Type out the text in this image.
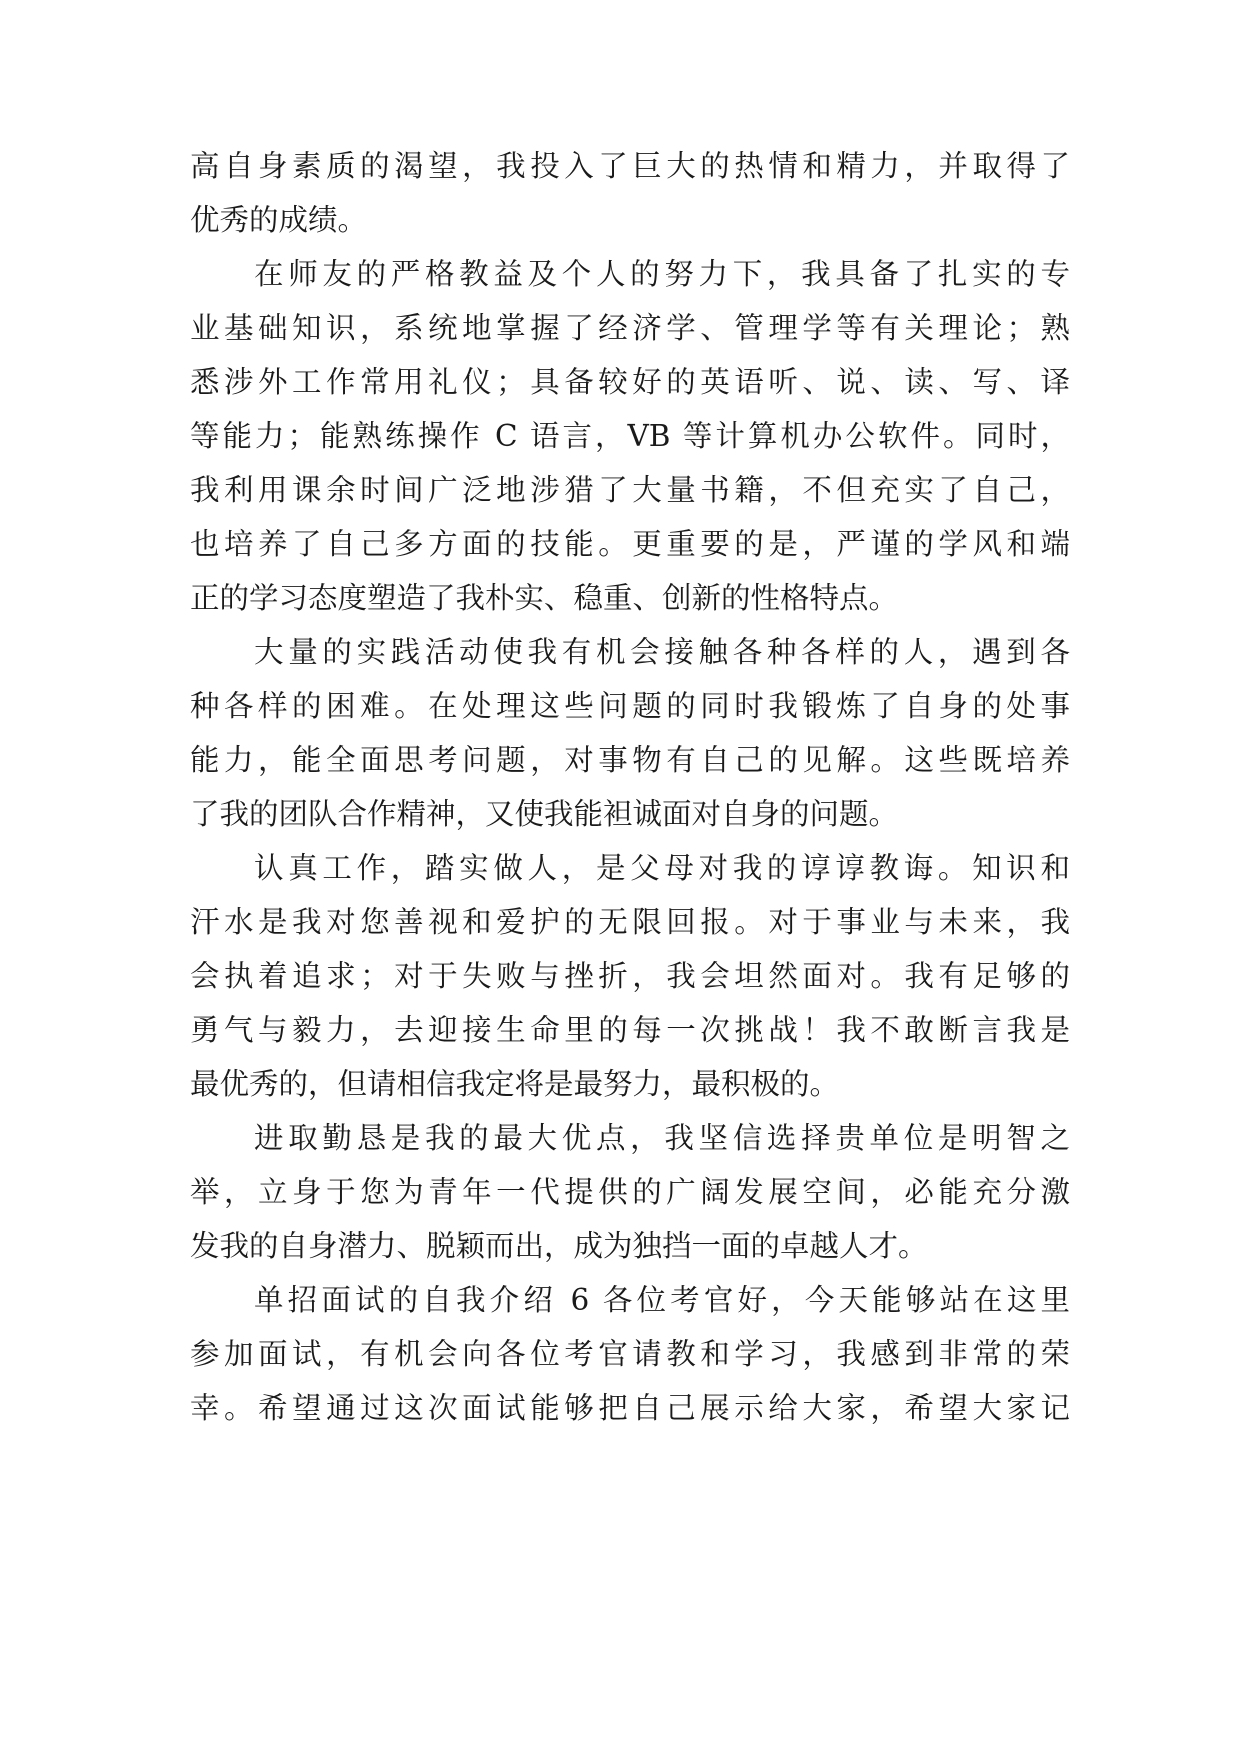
高自身素质的渴望，我投入了巨大的热情和精力，并取得了
优秀的成绩。
在师友的严格教益及个人的努力下，我具备了扎实的专
业基础知识，系统地掌握了经济学、管理学等有关理论；熟
悉涉外工作常用礼仪；具备较好的英语听、说、读、写、译
等能力；能熟练操作 C 语言，VB 等计算机办公软件。同时，
我利用课余时间广泛地涉猎了大量书籍，不但充实了自己，
也培养了自己多方面的技能。更重要的是，严谨的学风和端
正的学习态度塑造了我朴实、稳重、创新的性格特点。
大量的实践活动使我有机会接触各种各样的人，遇到各
种各样的困难。在处理这些问题的同时我锻炼了自身的处事
能力，能全面思考问题，对事物有自己的见解。这些既培养
了我的团队合作精神，又使我能袒诚面对自身的问题。
认真工作，踏实做人，是父母对我的谆谆教诲。知识和
汗水是我对您善视和爱护的无限回报。对于事业与未来，我
会执着追求；对于失败与挫折，我会坦然面对。我有足够的
勇气与毅力，去迎接生命里的每一次挑战！我不敢断言我是
最优秀的，但请相信我定将是最努力，最积极的。
进取勤恳是我的最大优点，我坚信选择贵单位是明智之
举，立身于您为青年一代提供的广阔发展空间，必能充分激
发我的自身潜力、脱颖而出，成为独挡一面的卓越人才。
单招面试的自我介绍 6 各位考官好，今天能够站在这里
参加面试，有机会向各位考官请教和学习，我感到非常的荣
幸。希望通过这次面试能够把自己展示给大家，希望大家记
